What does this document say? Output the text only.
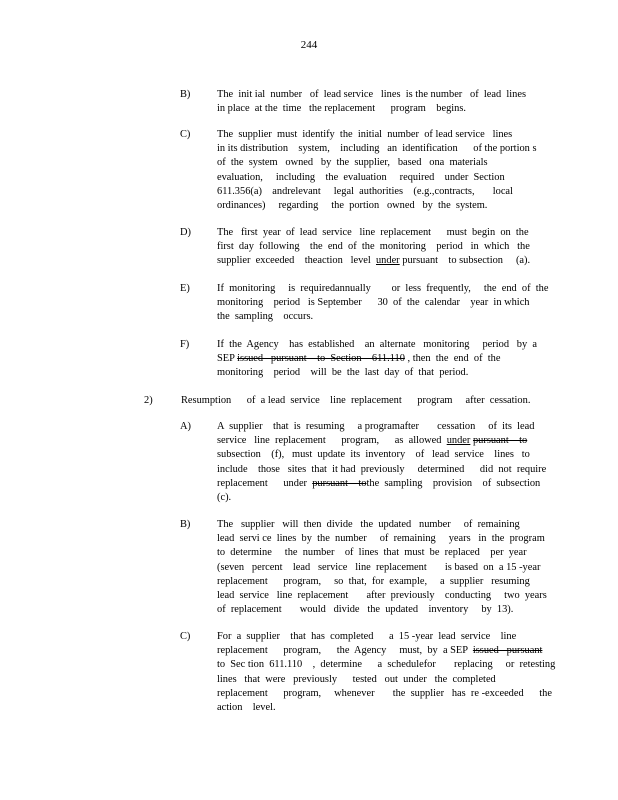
244
B)	The  init ial  number   of  lead service   lines  is the number   of  lead  lines
in place  at the  time   the replacement      program    begins.
C)	The  supplier  must  identify  the  initial  number  of lead service   lines
in its distribution    system,    including   an  identification      of the portion s
of  the  system   owned   by  the  supplier,   based   ona  materials
evaluation,     including    the  evaluation     required    under  Section
611.356(a)    andrelevant     legal  authorities    (e.g.,contracts,       local
ordinances)     regarding     the  portion   owned   by  the  system.
D)	The   first  year  of  lead  service   line  replacement      must  begin  on  the
first  day  following    the  end  of  the  monitoring    period   in  which   the
supplier  exceeded    theaction   level under pursuant    to subsection     (a).
E)	If  monitoring     is  requiredannually        or  less  frequently,     the  end  of  the
monitoring    period   is September      30  of  the  calendar    year  in which
the  sampling    occurs.
F)	If  the  Agency    has  established    an  alternate   monitoring     period   by  a
SEP issued   pursuant    to  Section    611.110 , then  the  end  of  the
monitoring    period    will  be  the  last  day  of  that  period.
2)	Resumption      of  a lead  service    line  replacement      program     after  cessation.
A)	A  supplier    that  is  resuming     a programafter       cessation     of  its  lead
service   line  replacement      program,      as  allowed under pursuant    to
subsection    (f),   must  update  its  inventory    of   lead  service    lines   to
include    those   sites  that  it had  previously     determined      did  not  require
replacement      under pursuant    tothe  sampling    provision    of  subsection
(c).
B)	The   supplier   will  then  divide   the  updated   number     of  remaining
lead  servi ce  lines  by  the  number     of  remaining     years   in  the  program
to  determine     the  number    of  lines  that  must  be  replaced    per  year
(seven   percent    lead   service   line  replacement       is based  on  a 15 -year
replacement      program,     so  that,  for  example,     a  supplier   resuming
lead  service   line  replacement       after  previously    conducting     two  years
of  replacement       would   divide   the  updated    inventory     by  13).
C)	For  a  supplier    that  has  completed      a  15 -year  lead  service    line
replacement      program,      the  Agency     must,  by  a SEP issued   pursuant
to  Sec tion  611.110    ,  determine      a  schedulefor       replacing     or  retesting
lines   that  were   previously      tested   out  under   the  completed
replacement      program,     whenever       the  supplier   has  re -exceeded      the
action    level.
